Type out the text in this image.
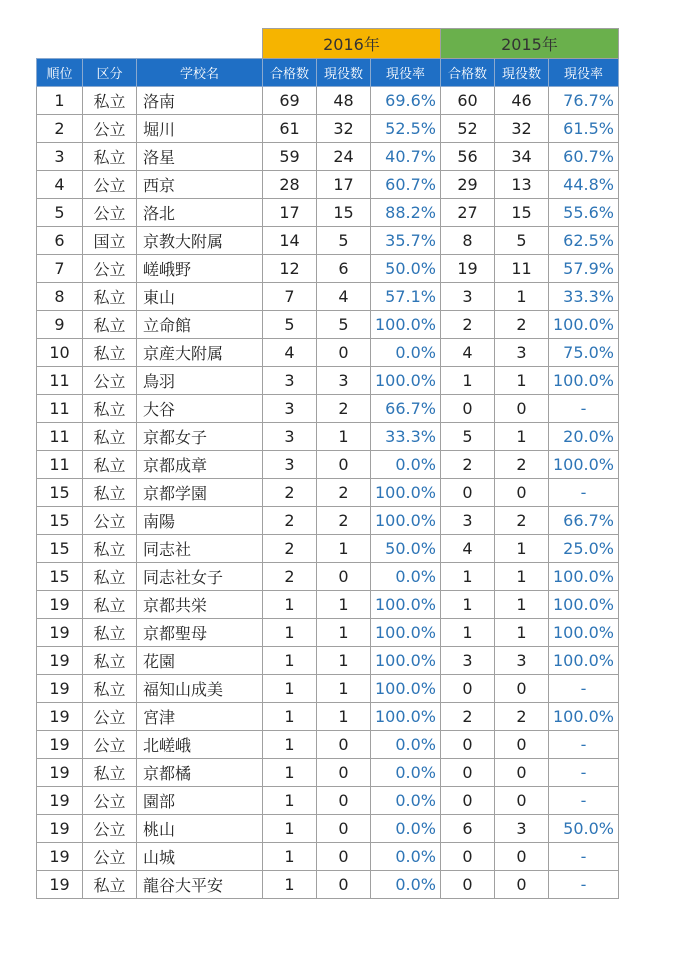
			2016年			2015年		
順位	区分	学校名	合格数	現役数	現役率	合格数	現役数	現役率
1	私立	洛南	69	48	69.6%	60	46	76.7%
2	公立	堀川	61	32	52.5%	52	32	61.5%
3	私立	洛星	59	24	40.7%	56	34	60.7%
4	公立	西京	28	17	60.7%	29	13	44.8%
5	公立	洛北	17	15	88.2%	27	15	55.6%
6	国立	京教大附属	14	5	35.7%	8	5	62.5%
7	公立	嵯峨野	12	6	50.0%	19	11	57.9%
8	私立	東山	7	4	57.1%	3	1	33.3%
9	私立	立命館	5	5	100.0%	2	2	100.0%
10	私立	京産大附属	4	0	0.0%	4	3	75.0%
11	公立	鳥羽	3	3	100.0%	1	1	100.0%
11	私立	大谷	3	2	66.7%	0	0	-
11	私立	京都女子	3	1	33.3%	5	1	20.0%
11	私立	京都成章	3	0	0.0%	2	2	100.0%
15	私立	京都学園	2	2	100.0%	0	0	-
15	公立	南陽	2	2	100.0%	3	2	66.7%
15	私立	同志社	2	1	50.0%	4	1	25.0%
15	私立	同志社女子	2	0	0.0%	1	1	100.0%
19	私立	京都共栄	1	1	100.0%	1	1	100.0%
19	私立	京都聖母	1	1	100.0%	1	1	100.0%
19	私立	花園	1	1	100.0%	3	3	100.0%
19	私立	福知山成美	1	1	100.0%	0	0	-
19	公立	宮津	1	1	100.0%	2	2	100.0%
19	公立	北嵯峨	1	0	0.0%	0	0	-
19	私立	京都橘	1	0	0.0%	0	0	-
19	公立	園部	1	0	0.0%	0	0	-
19	公立	桃山	1	0	0.0%	6	3	50.0%
19	公立	山城	1	0	0.0%	0	0	-
19	私立	龍谷大平安	1	0	0.0%	0	0	-
